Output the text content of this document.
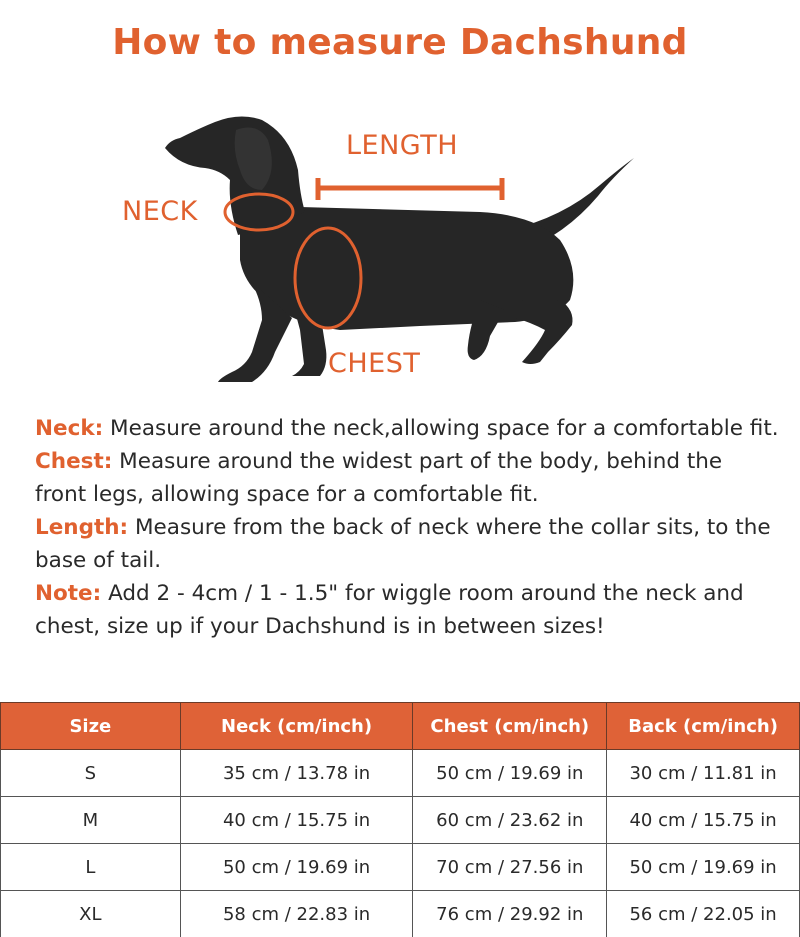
How to measure Dachshund
LENGTH
NECK
CHEST

Neck: Measure around the neck,allowing space for a comfortable fit.

Chest: Measure around the widest part of the body, behind the front legs, allowing space for a comfortable fit.

Length: Measure from the back of neck where the collar sits, to the base of tail.

Note: Add 2 - 4cm / 1 - 1.5" for wiggle room around the neck and chest, size up if your Dachshund is in between sizes!

Size	Neck (cm/inch)	Chest (cm/inch)	Back (cm/inch)
S	35 cm / 13.78 in	50 cm / 19.69 in	30 cm / 11.81 in
M	40 cm / 15.75 in	60 cm / 23.62 in	40 cm / 15.75 in
L	50 cm / 19.69 in	70 cm / 27.56 in	50 cm / 19.69 in
XL	58 cm / 22.83 in	76 cm / 29.92 in	56 cm / 22.05 in
